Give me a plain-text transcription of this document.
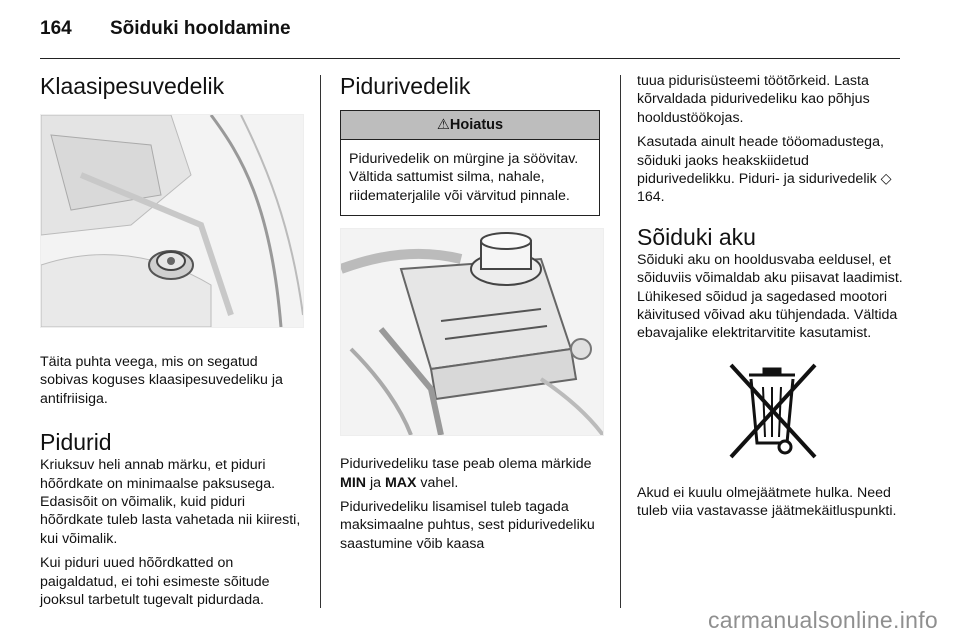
164 Sõiduki hooldamine
Klaasipesuvedelik

Täita puhta veega, mis on segatud sobivas koguses klaasipesuvedeliku ja antifriisiga.

Pidurid

Kriuksuv heli annab märku, et piduri hõõrdkate on minimaalse paksusega. Edasisõit on võimalik, kuid piduri hõõrdkate tuleb lasta vahetada nii kiiresti, kui võimalik.

Kui piduri uued hõõrdkatted on paigaldatud, ei tohi esimeste sõitude jooksul tarbetult tugevalt pidurdada.

Pidurivedelik
⚠Hoiatus

Pidurivedelik on mürgine ja söövitav. Vältida sattumist silma, nahale, riidematerjalile või värvitud pinnale.

Pidurivedeliku tase peab olema märkide MIN ja MAX vahel.

Pidurivedeliku lisamisel tuleb tagada maksimaalne puhtus, sest pidurivedeliku saastumine võib kaasa

tuua pidurisüsteemi töötõrkeid. Lasta kõrvaldada pidurivedeliku kao põhjus hooldustöökojas.

Kasutada ainult heade tööomadustega, sõiduki jaoks heakskiidetud pidurivedelikku. Piduri- ja sidurivedelik ◇ 164.

Sõiduki aku

Sõiduki aku on hooldusvaba eeldusel, et sõiduviis võimaldab aku piisavat laadimist. Lühikesed sõidud ja sagedased mootori käivitused võivad aku tühjendada. Vältida ebavajalike elektritarvitite kasutamist.

Akud ei kuulu olmejäätmete hulka. Need tuleb viia vastavasse jäätmekäitluspunkti.

carmanualsonline.info
